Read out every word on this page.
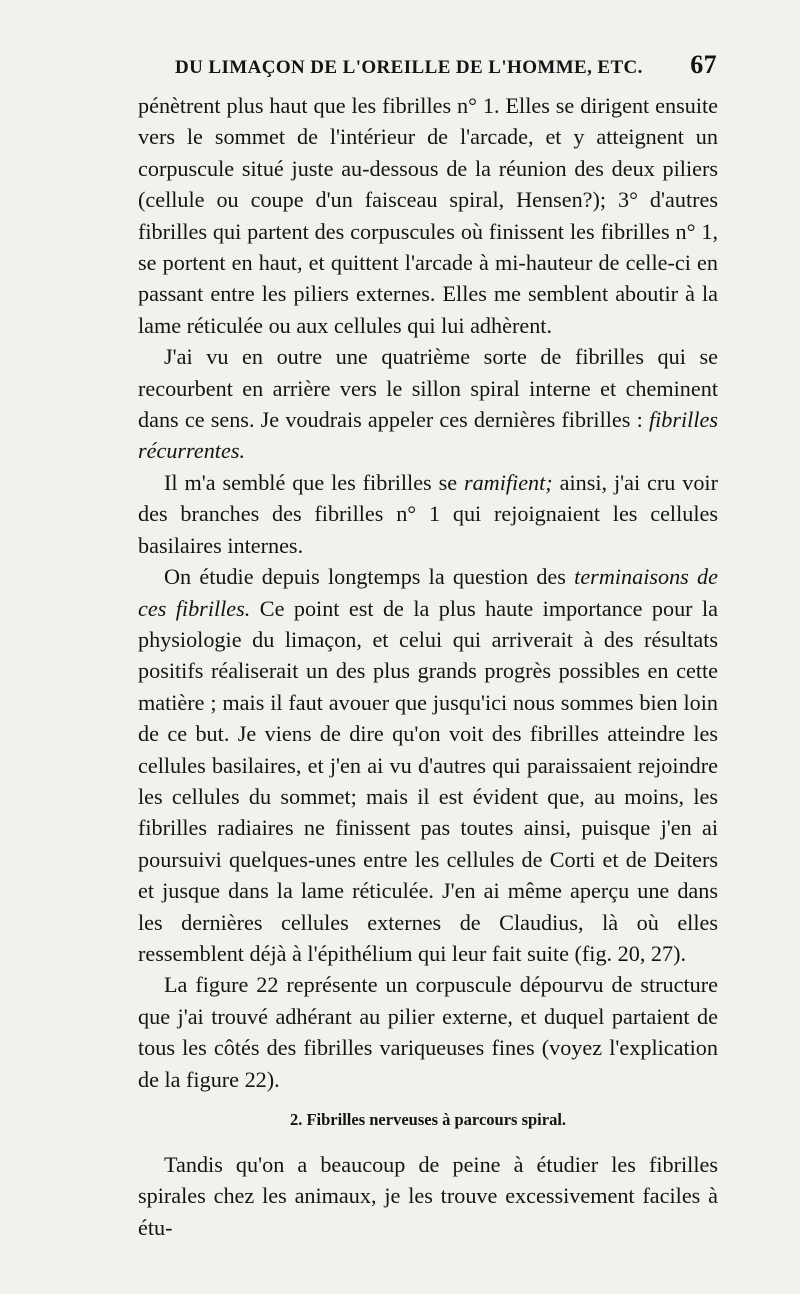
DU LIMAÇON DE L'OREILLE DE L'HOMME, ETC. 67

pénètrent plus haut que les fibrilles n° 1. Elles se dirigent ensuite vers le sommet de l'intérieur de l'arcade, et y atteignent un corpuscule situé juste au-dessous de la réunion des deux piliers (cellule ou coupe d'un faisceau spiral, Hensen?); 3° d'autres fibrilles qui partent des corpuscules où finissent les fibrilles n° 1, se portent en haut, et quittent l'arcade à mi-hauteur de celle-ci en passant entre les piliers externes. Elles me semblent aboutir à la lame réticulée ou aux cellules qui lui adhèrent.

J'ai vu en outre une quatrième sorte de fibrilles qui se recourbent en arrière vers le sillon spiral interne et cheminent dans ce sens. Je voudrais appeler ces dernières fibrilles : fibrilles récurrentes.

Il m'a semblé que les fibrilles se ramifient; ainsi, j'ai cru voir des branches des fibrilles n° 1 qui rejoignaient les cellules basilaires internes.

On étudie depuis longtemps la question des terminaisons de ces fibrilles. Ce point est de la plus haute importance pour la physiologie du limaçon, et celui qui arriverait à des résultats positifs réaliserait un des plus grands progrès possibles en cette matière ; mais il faut avouer que jusqu'ici nous sommes bien loin de ce but. Je viens de dire qu'on voit des fibrilles atteindre les cellules basilaires, et j'en ai vu d'autres qui paraissaient rejoindre les cellules du sommet; mais il est évident que, au moins, les fibrilles radiaires ne finissent pas toutes ainsi, puisque j'en ai poursuivi quelques-unes entre les cellules de Corti et de Deiters et jusque dans la lame réticulée. J'en ai même aperçu une dans les dernières cellules externes de Claudius, là où elles ressemblent déjà à l'épithélium qui leur fait suite (fig. 20, 27).

La figure 22 représente un corpuscule dépourvu de structure que j'ai trouvé adhérant au pilier externe, et duquel partaient de tous les côtés des fibrilles variqueuses fines (voyez l'explication de la figure 22).

2. Fibrilles nerveuses à parcours spiral.

Tandis qu'on a beaucoup de peine à étudier les fibrilles spirales chez les animaux, je les trouve excessivement faciles à étu-
